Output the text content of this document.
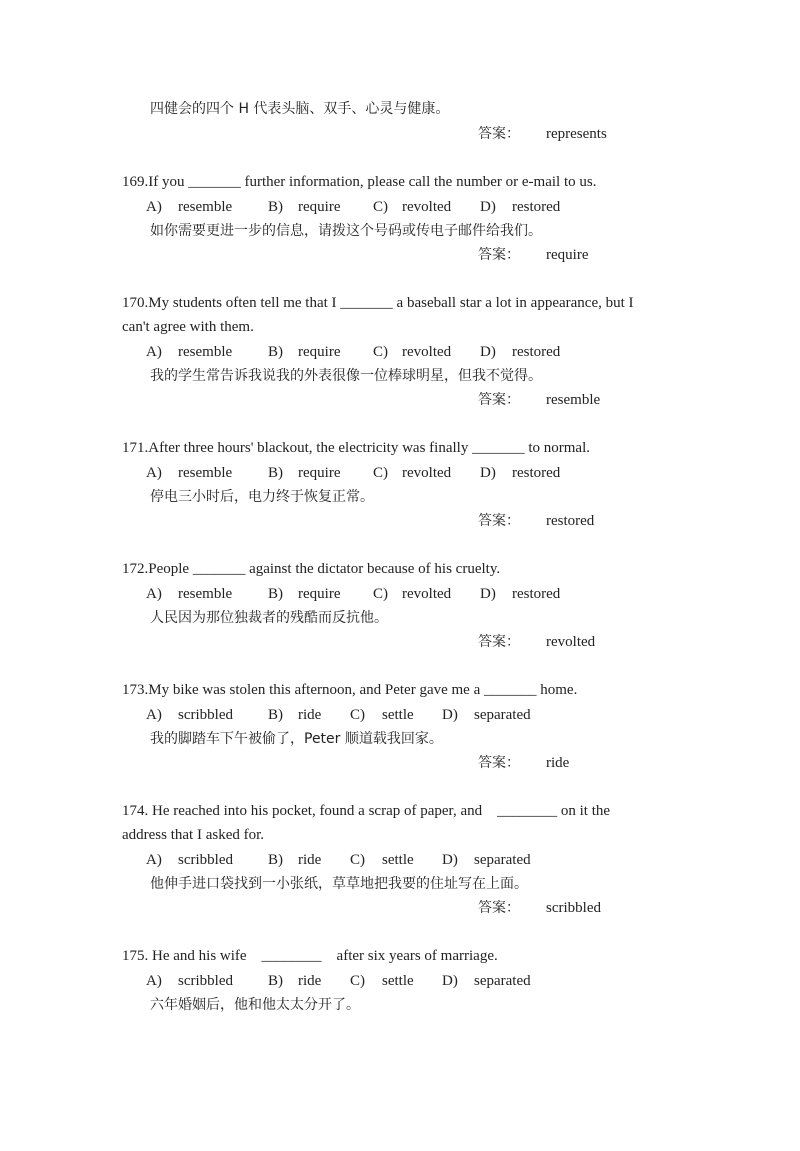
四健会的四个 H 代表头脑、双手、心灵与健康。

答案：

represents

169.If you _______ further information, please call the number or e-mail to us.

A)

resemble

B)

require

C)

revolted

D)

restored

如你需要更进一步的信息，请拨这个号码或传电子邮件给我们。

答案：

require

170.My students often tell me that I _______ a baseball star a lot in appearance, but I
can't agree with them.

A)

resemble

B)

require

C)

revolted

D)

restored

我的学生常告诉我说我的外表很像一位棒球明星，但我不觉得。

答案：

resemble

171.After three hours' blackout, the electricity was finally _______ to normal.

A)

resemble

B)

require

C)

revolted

D)

restored

停电三小时后，电力终于恢复正常。

答案：

restored

172.People _______ against the dictator because of his cruelty.

A)

resemble

B)

require

C)

revolted

D)

restored

人民因为那位独裁者的残酷而反抗他。

答案：

revolted

173.My bike was stolen this afternoon, and Peter gave me a _______ home.

A)

scribbled

B)

ride

C)

settle

D)

separated

我的脚踏车下午被偷了，Peter 顺道载我回家。

答案：

ride

174. He reached into his pocket, found a scrap of paper, and    ________ on it the
address that I asked for.

A)

scribbled

B)

ride

C)

settle

D)

separated

他伸手进口袋找到一小张纸，草草地把我要的住址写在上面。

答案：

scribbled

175. He and his wife    ________    after six years of marriage.

A)

scribbled

B)

ride

C)

settle

D)

separated

六年婚姻后，他和他太太分开了。
